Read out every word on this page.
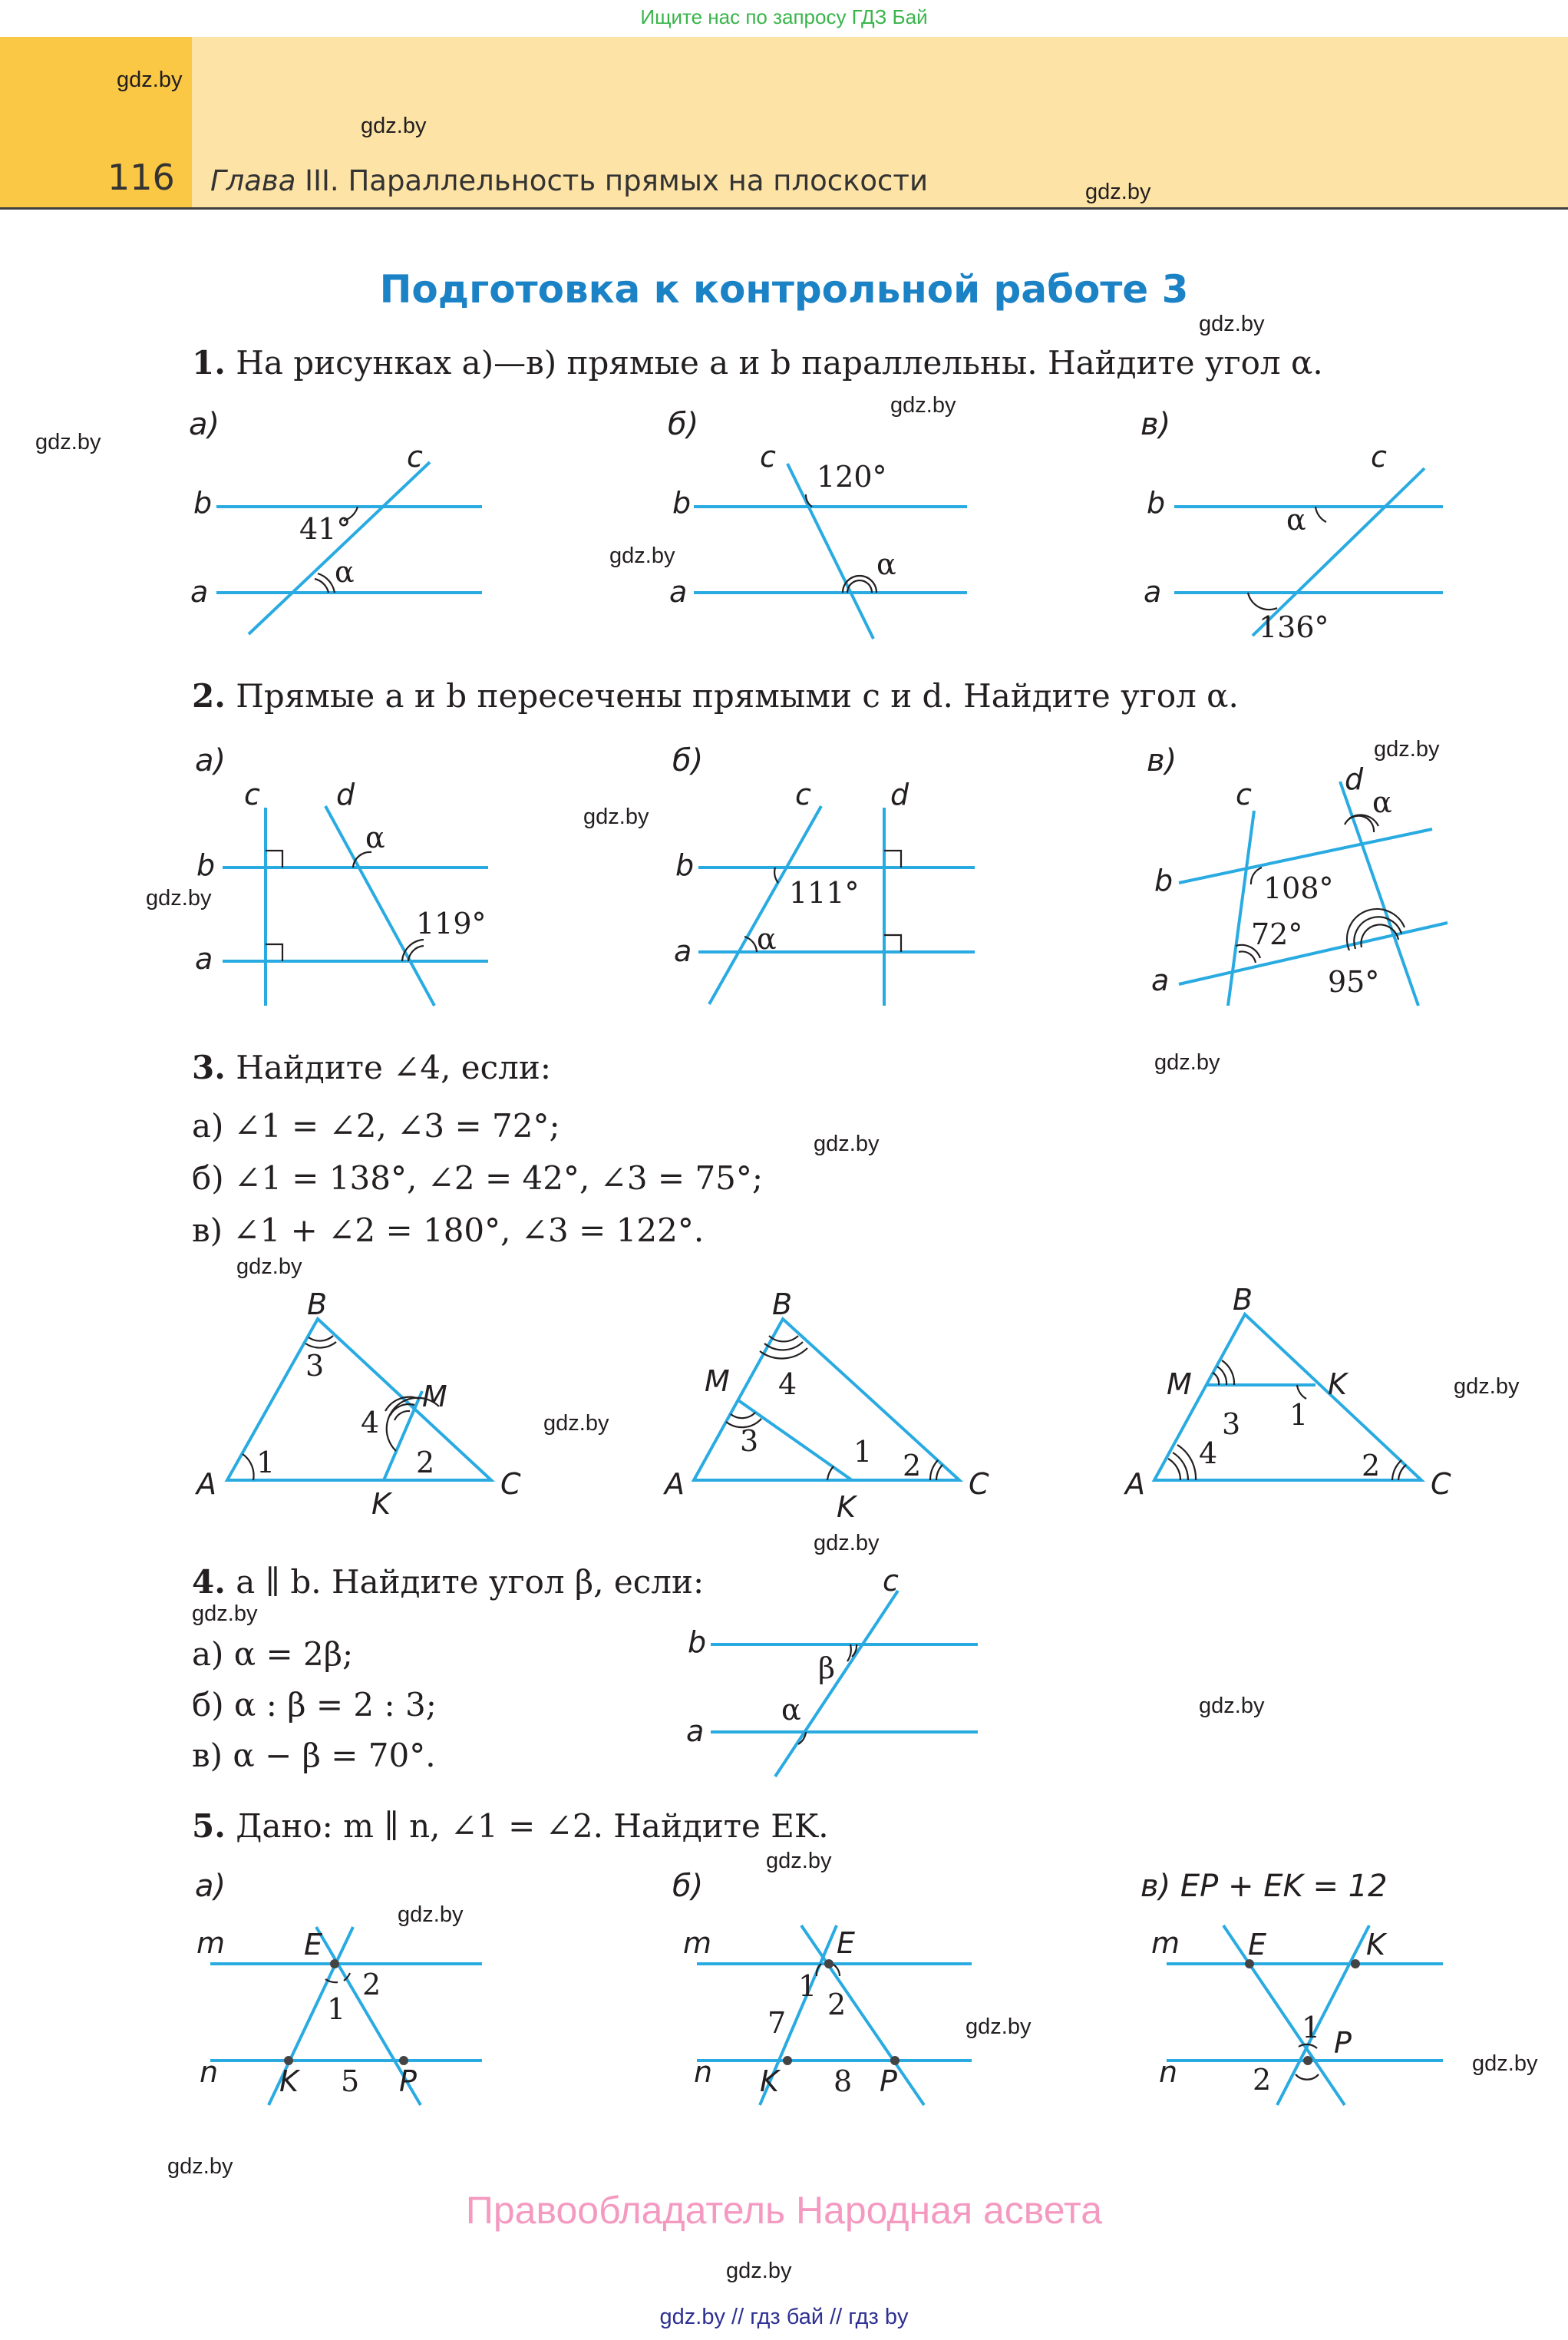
Ищите нас по запросу ГДЗ Бай
116 Глава III. Параллельность прямых на плоскости
gdz.by
gdz.by
gdz.by
gdz.by
gdz.by
gdz.by
gdz.by
gdz.by
gdz.by
gdz.by
gdz.by
gdz.by
gdz.by
gdz.by
gdz.by
gdz.by
gdz.by
gdz.by
gdz.by
gdz.by
gdz.by
gdz.by
gdz.by
gdz.by
Подготовка к контрольной работе 3
1. На рисунках а)—в) прямые a и b параллельны. Найдите угол α.
а)	б)	в)
2. Прямые a и b пересечены прямыми c и d. Найдите угол α.
а)	б)	в)
3. Найдите ∠4, если:
а) ∠1 = ∠2, ∠3 = 72°;
б) ∠1 = 138°, ∠2 = 42°, ∠3 = 75°;
в) ∠1 + ∠2 = 180°, ∠3 = 122°.
4. a ∥ b. Найдите угол β, если:
а) α = 2β;
б) α : β = 2 : 3;
в) α − β = 70°.
5. Дано: m ∥ n, ∠1 = ∠2. Найдите EK.
а)	б)	в) EP + EK = 12
b
a
c
41°
α
b
a
c
120°
α
b
a
c
α
136°
b
a
c	d
α
119°
b
a
c	d
111°
α
b
a
c	d
α
108°
72°
95°
A
B
C
K
M
1	2
3
4
A
B
C
K
M 4
3	1 2
A
B
C
K
M
4
3 1
2
b
a
c
β
α
m
n
E
K	P
1
2
5
m
n
E
K	P
1
2
7
8
m
n
E	K
P
1
2
Правообладатель Народная асвета
gdz.by // гдз бай // гдз by
